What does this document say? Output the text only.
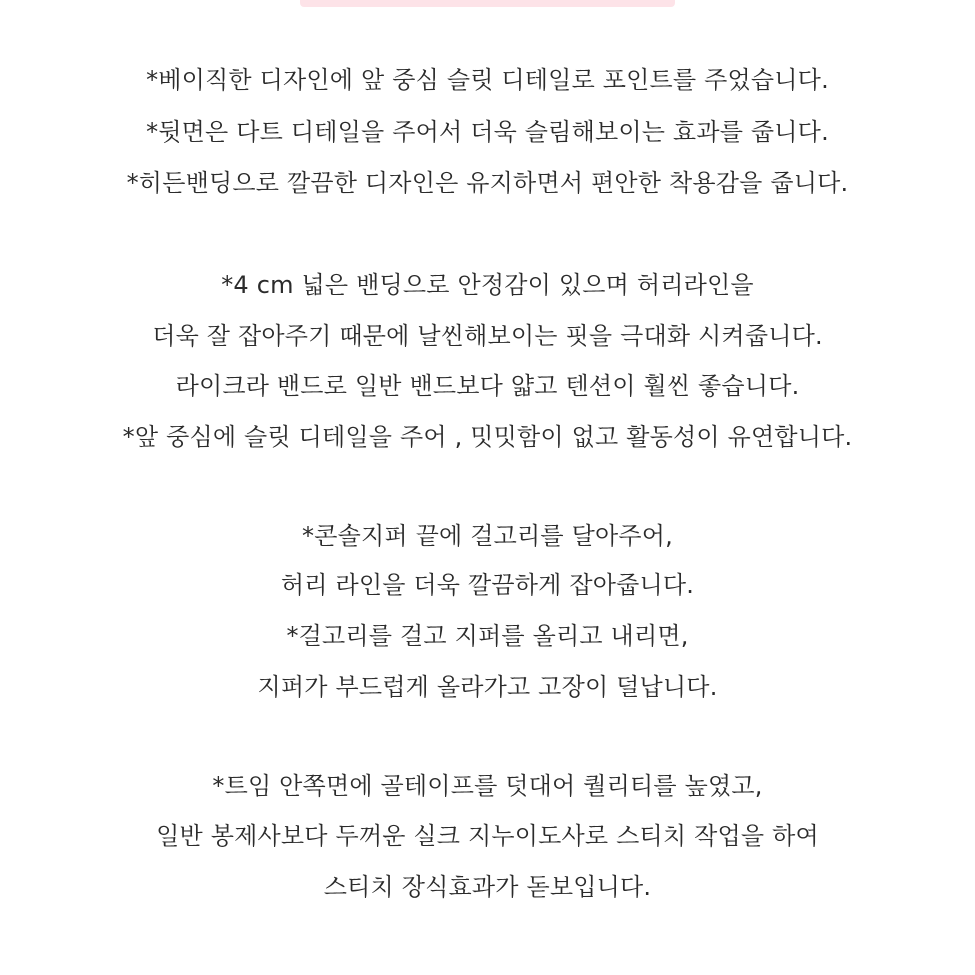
*베이직한 디자인에 앞 중심 슬릿 디테일로 포인트를 주었습니다.
*뒷면은 다트 디테일을 주어서 더욱 슬림해보이는 효과를 줍니다.
*히든밴딩으로 깔끔한 디자인은 유지하면서 편안한 착용감을 줍니다.
*4 cm 넓은 밴딩으로 안정감이 있으며 허리라인을
더욱 잘 잡아주기 때문에 날씬해보이는 핏을 극대화 시켜줍니다.
라이크라 밴드로 일반 밴드보다 얇고 텐션이 훨씬 좋습니다.
*앞 중심에 슬릿 디테일을 주어 , 밋밋함이 없고 활동성이 유연합니다.
*콘솔지퍼 끝에 걸고리를 달아주어,
허리 라인을 더욱 깔끔하게 잡아줍니다.
*걸고리를 걸고 지퍼를 올리고 내리면,
지퍼가 부드럽게 올라가고 고장이 덜납니다.
*트임 안쪽면에 골테이프를 덧대어 퀄리티를 높였고,
일반 봉제사보다 두꺼운 실크 지누이도사로 스티치 작업을 하여
스티치 장식효과가 돋보입니다.
